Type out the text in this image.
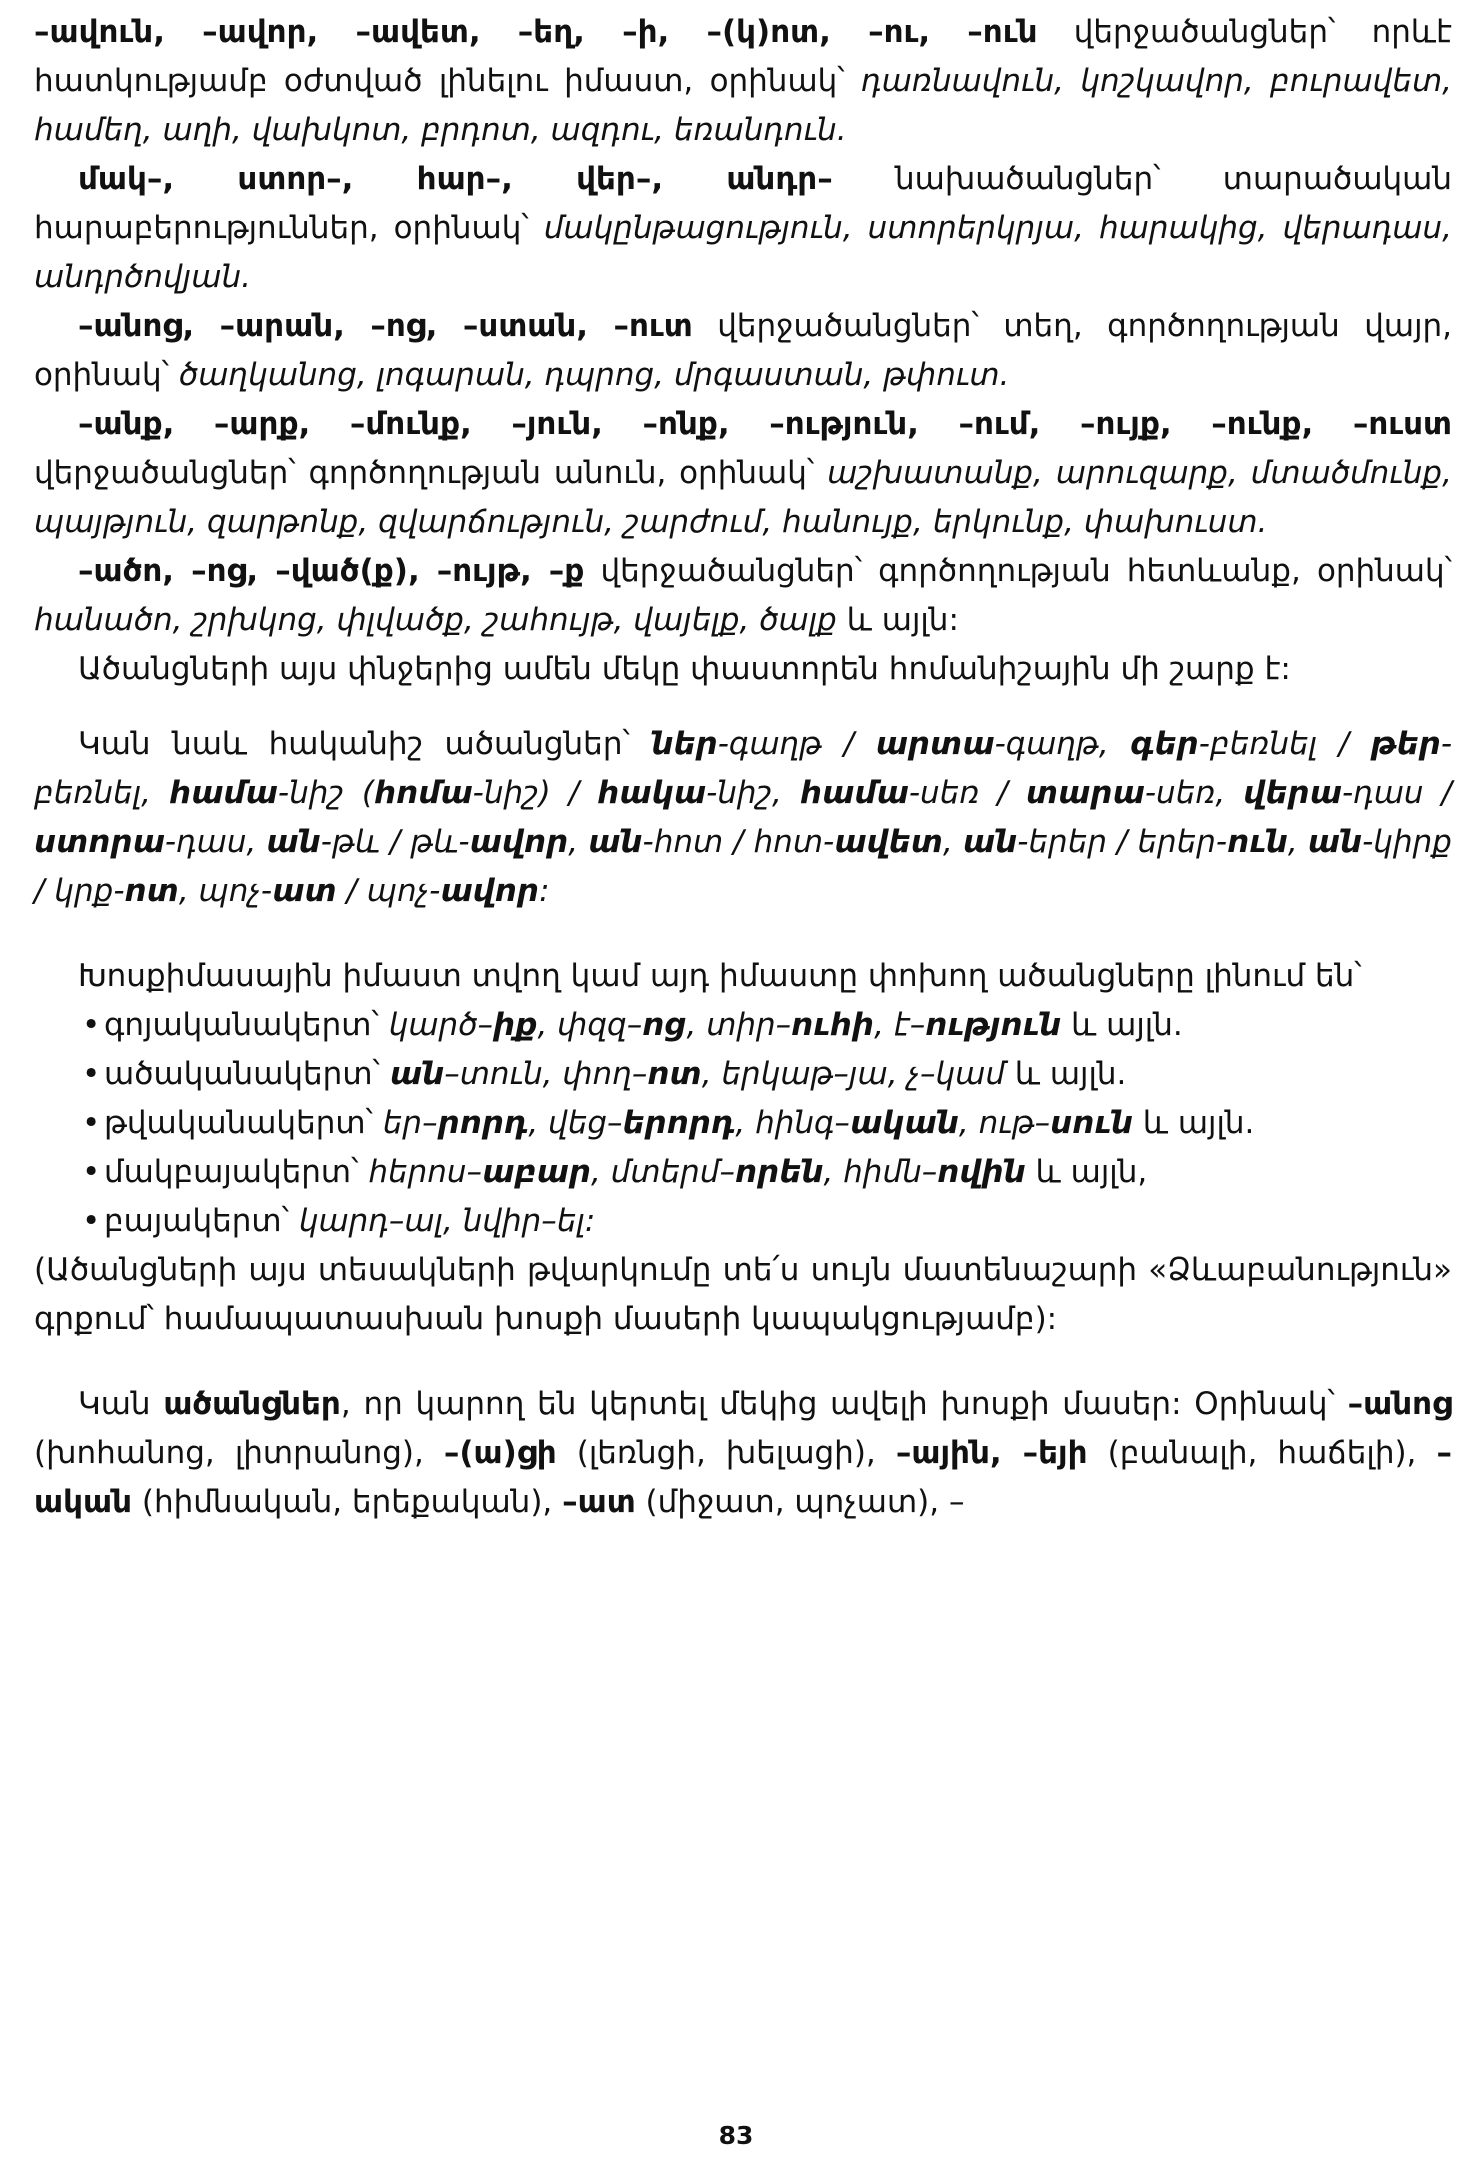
–ավուն, –ավոր, –ավետ, –եղ, –ի, –(կ)ոտ, –ու, –ուն վերջածանցներ՝ որևէ հատկությամբ օժտված լինելու իմաստ, օրինակ՝ դառնավուն, կոշկավոր, բուրավետ, համեղ, աղի, վախկոտ, բրդոտ, ազդու, եռանդուն.

մակ–, ստոր–, հար–, վեր–, անդր– նախածանցներ՝ տարածական հարաբերություններ, օրինակ՝ մակընթացություն, ստորերկրյա, հարակից, վերադաս, անդրծովյան.

–անոց, –արան, –ոց, –ստան, –ուտ վերջածանցներ՝ տեղ, գործողության վայր, օրինակ՝ ծաղկանոց, լոգարան, դպրոց, մրգաստան, թփուտ.

–անք, –արք, –մունք, –յուն, –ոնք, –ություն, –ում, –ույք, –ունք, –ուստ վերջածանցներ՝ գործողության անուն, օրինակ՝ աշխատանք, արուզարք, մտածմունք, պայթյուն, զարթոնք, զվարճություն, շարժում, հանույք, երկունք, փախուստ.

–ածո, –ոց, –ված(ք), –ույթ, –ք վերջածանցներ՝ գործողության հետևանք, օրինակ՝ հանածո, շրխկոց, փլվածք, շահույթ, վայելք, ծալք և այլն:

Ածանցների այս փնջերից ամեն մեկը փաստորեն հոմանիշային մի շարք է:

Կան նաև հականիշ ածանցներ՝ ներ-գաղթ / արտա-գաղթ, գեր-բեռնել / թեր-բեռնել, համա-նիշ (հոմա-նիշ) / հակա-նիշ, համա-սեռ / տարա-սեռ, վերա-դաս / ստորա-դաս, ան-թև / թև-ավոր, ան-հոտ / հոտ-ավետ, ան-երեր / երեր-ուն, ան-կիրք / կրք-ոտ, պոչ-ատ / պոչ-ավոր:

Խոսքիմասային իմաստ տվող կամ այդ իմաստը փոխող ածանցները լինում են՝

• գոյականակերտ՝ կարծ–իք, փզզ–ոց, տիր–ուհի, է–ություն և այլն.
• ածականակերտ՝ ան–տուն, փող–ոտ, երկաթ–յա, չ–կամ և այլն.
• թվականակերտ՝ եր–րորդ, վեց–երորդ, հինգ–ական, ութ–սուն և այլն.
• մակբայակերտ՝ հերոս–աբար, մտերմ–որեն, հիմն–ովին և այլն,
• բայակերտ՝ կարդ–ալ, նվիր–ել:

(Ածանցների այս տեսակների թվարկումը տե՛ս սույն մատենաշարի «Ձևաբանություն» գրքում՝ համապատասխան խոսքի մասերի կապակցությամբ):

Կան ածանցներ, որ կարող են կերտել մեկից ավելի խոսքի մասեր: Օրինակ՝ –անոց (խոհանոց, լիտրանոց), –(ա)ցի (լեռնցի, խելացի), –ային, –եյի (բանալի, հաճելի), –ական (հիմնական, երեքական), –ատ (միջատ, պոչատ), –

83
